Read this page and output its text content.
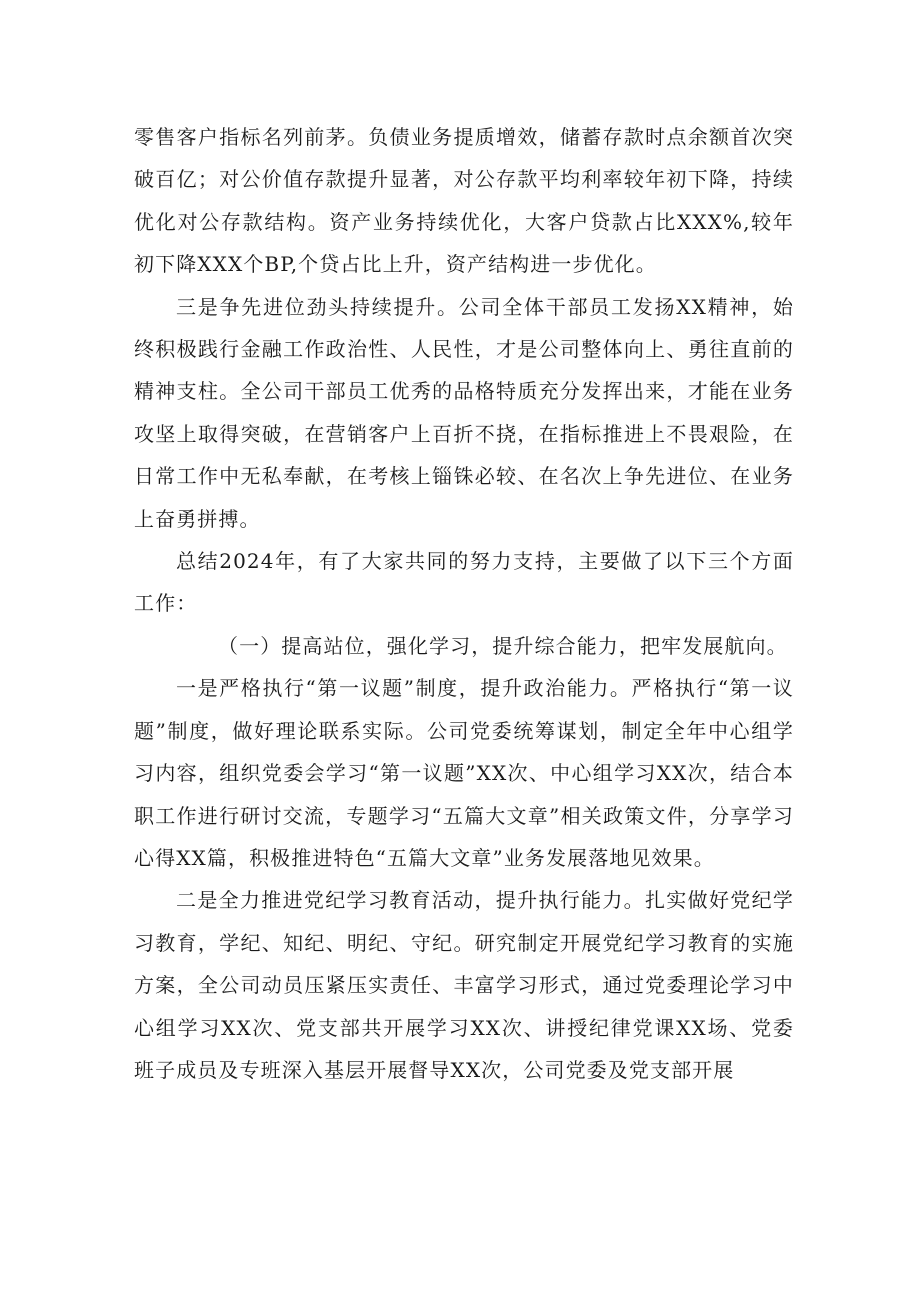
零售客户指标名列前茅。负债业务提质增效，储蓄存款时点余额首次突破百亿；对公价值存款提升显著，对公存款平均利率较年初下降，持续优化对公存款结构。资产业务持续优化，大客户贷款占比XXX%,较年初下降XXX个BP,个贷占比上升，资产结构进一步优化。

三是争先进位劲头持续提升。公司全体干部员工发扬XX精神，始终积极践行金融工作政治性、人民性，才是公司整体向上、勇往直前的精神支柱。全公司干部员工优秀的品格特质充分发挥出来，才能在业务攻坚上取得突破，在营销客户上百折不挠，在指标推进上不畏艰险，在日常工作中无私奉献，在考核上锱铢必较、在名次上争先进位、在业务上奋勇拼搏。

总结2024年，有了大家共同的努力支持，主要做了以下三个方面工作：

（一）提高站位，强化学习，提升综合能力，把牢发展航向。

一是严格执行“第一议题”制度，提升政治能力。严格执行“第一议题”制度，做好理论联系实际。公司党委统筹谋划，制定全年中心组学习内容，组织党委会学习“第一议题”XX次、中心组学习XX次，结合本职工作进行研讨交流，专题学习“五篇大文章”相关政策文件，分享学习心得XX篇，积极推进特色“五篇大文章”业务发展落地见效果。

二是全力推进党纪学习教育活动，提升执行能力。扎实做好党纪学习教育，学纪、知纪、明纪、守纪。研究制定开展党纪学习教育的实施方案，全公司动员压紧压实责任、丰富学习形式，通过党委理论学习中心组学习XX次、党支部共开展学习XX次、讲授纪律党课XX场、党委班子成员及专班深入基层开展督导XX次，公司党委及党支部开展
